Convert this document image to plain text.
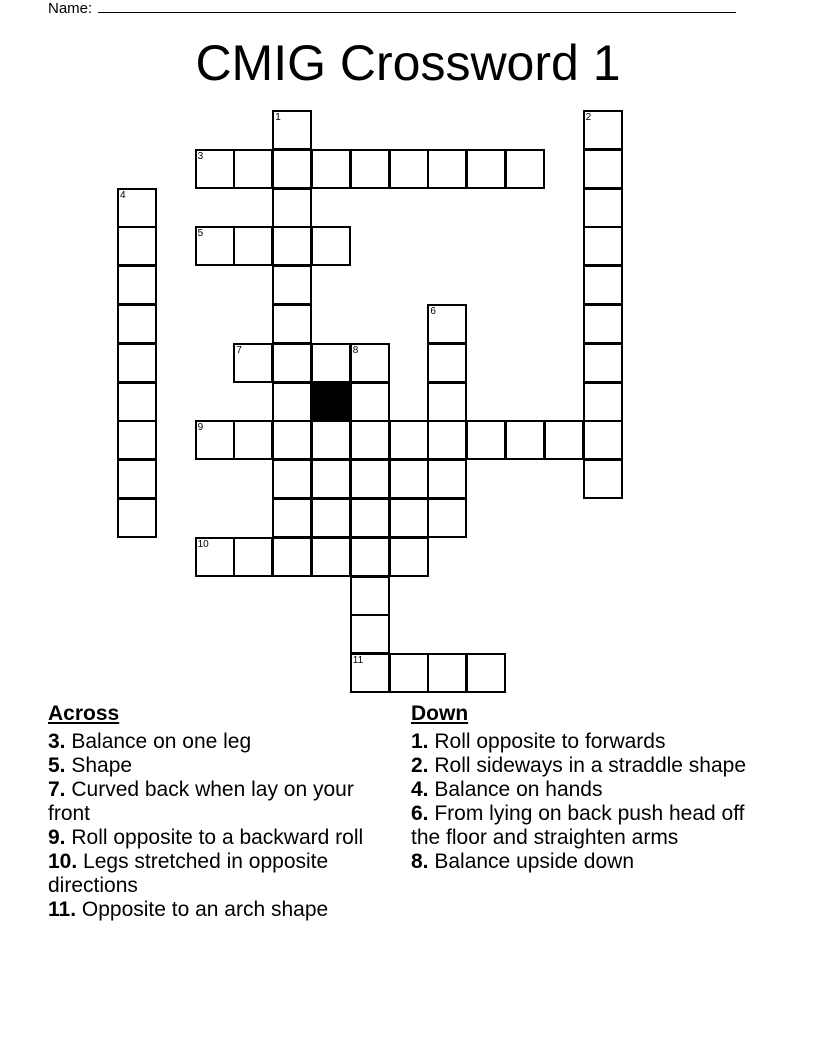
Name:
CMIG Crossword 1
1	2
3
4
5
6
7	8
9
10
11
Across
3. Balance on one leg
5. Shape
7. Curved back when lay on your front
9. Roll opposite to a backward roll
10. Legs stretched in opposite directions
11. Opposite to an arch shape
Down
1. Roll opposite to forwards
2. Roll sideways in a straddle shape
4. Balance on hands
6. From lying on back push head off the floor and straighten arms
8. Balance upside down
